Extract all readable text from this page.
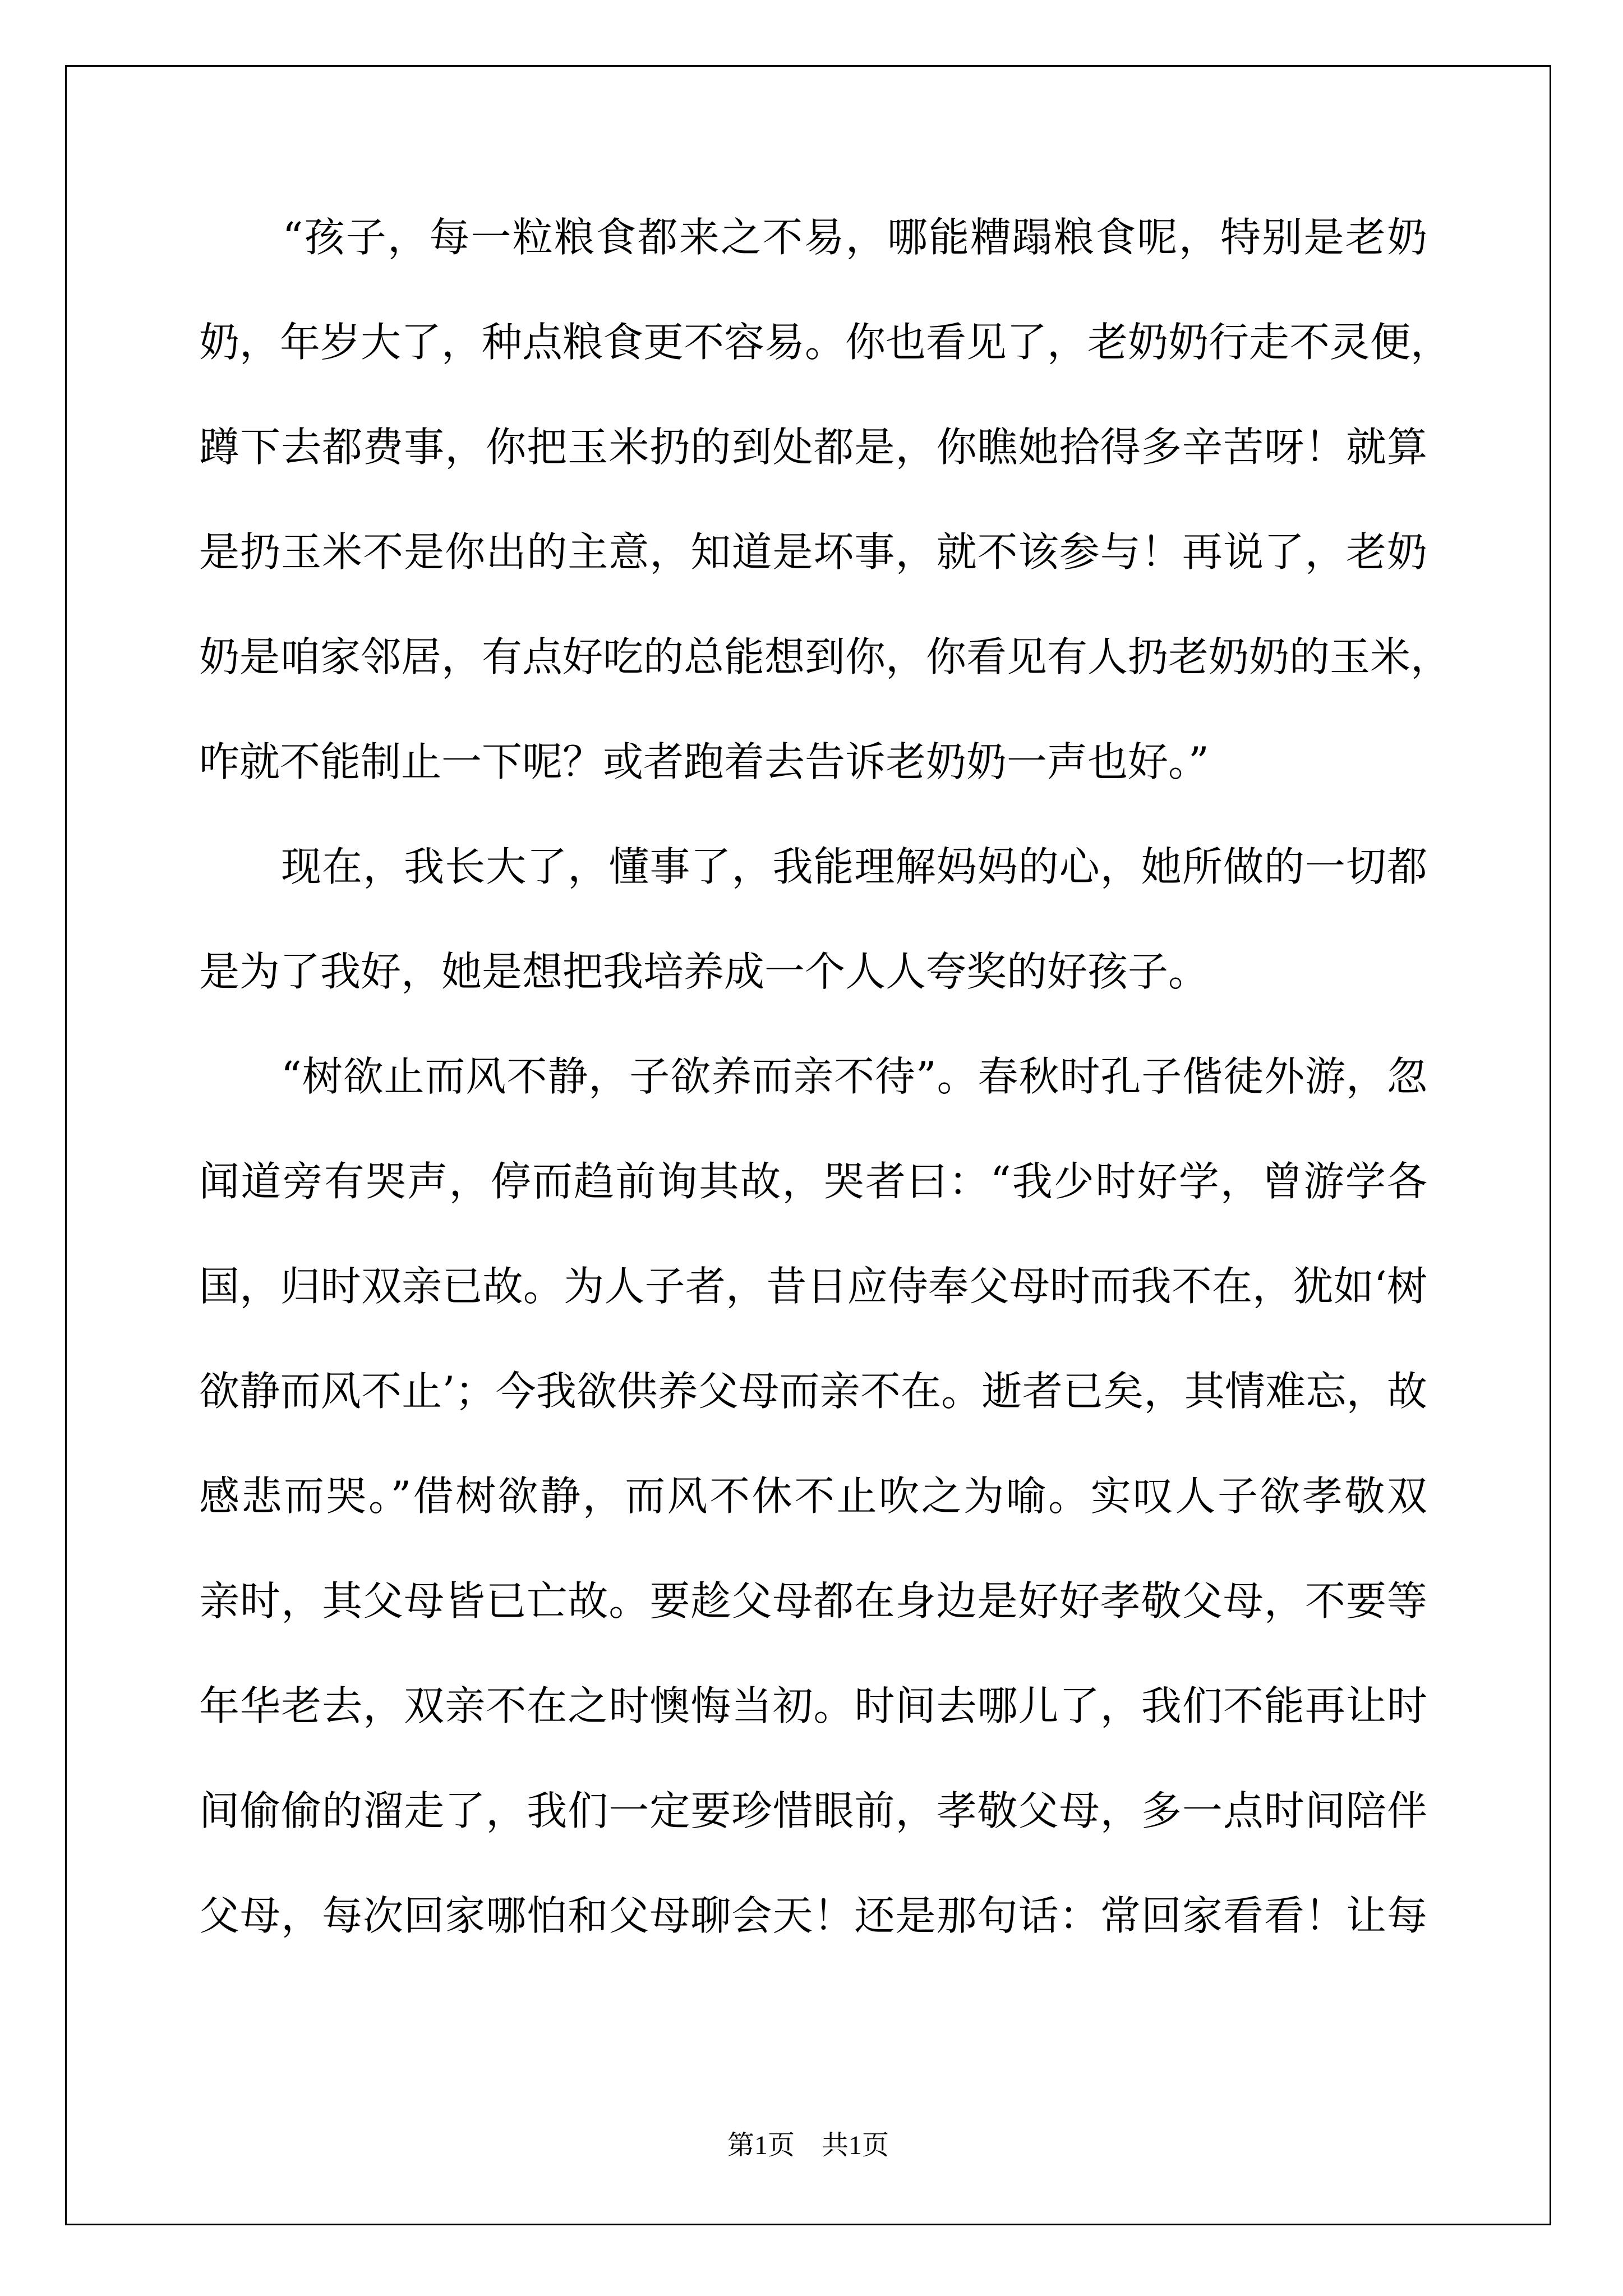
　　“孩子，每一粒粮食都来之不易，哪能糟蹋粮食呢，特别是老奶
奶，年岁大了，种点粮食更不容易。你也看见了，老奶奶行走不灵便，
蹲下去都费事，你把玉米扔的到处都是，你瞧她拾得多辛苦呀！就算
是扔玉米不是你出的主意，知道是坏事，就不该参与！再说了，老奶
奶是咱家邻居，有点好吃的总能想到你，你看见有人扔老奶奶的玉米，
咋就不能制止一下呢？或者跑着去告诉老奶奶一声也好。”
　　现在，我长大了，懂事了，我能理解妈妈的心，她所做的一切都
是为了我好，她是想把我培养成一个人人夸奖的好孩子。
　　“树欲止而风不静，子欲养而亲不待”。春秋时孔子偕徒外游，忽
闻道旁有哭声，停而趋前询其故，哭者曰：“我少时好学，曾游学各
国，归时双亲已故。为人子者，昔日应侍奉父母时而我不在，犹如‘树
欲静而风不止’；今我欲供养父母而亲不在。逝者已矣，其情难忘，故
感悲而哭。”借树欲静，而风不休不止吹之为喻。实叹人子欲孝敬双
亲时，其父母皆已亡故。要趁父母都在身边是好好孝敬父母，不要等
年华老去，双亲不在之时懊悔当初。时间去哪儿了，我们不能再让时
间偷偷的溜走了，我们一定要珍惜眼前，孝敬父母，多一点时间陪伴
父母，每次回家哪怕和父母聊会天！还是那句话：常回家看看！让每
第1页　共1页
